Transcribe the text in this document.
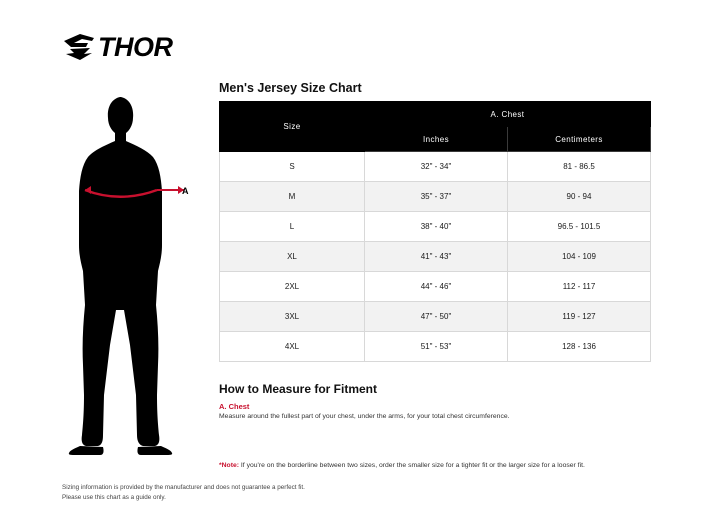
THOR
A
Men's Jersey Size Chart
Size	A. Chest	
	Inches	Centimeters
S	32" - 34"	81 - 86.5
M	35" - 37"	90 - 94
L	38" - 40"	96.5 - 101.5
XL	41" - 43"	104 - 109
2XL	44" - 46"	112 - 117
3XL	47" - 50"	119 - 127
4XL	51" - 53"	128 - 136
How to Measure for Fitment
A. Chest
Measure around the fullest part of your chest, under the arms, for your total chest circumference.
*Note: If you're on the borderline between two sizes, order the smaller size for a tighter fit or the larger size for a looser fit.
Sizing information is provided by the manufacturer and does not guarantee a perfect fit.
Please use this chart as a guide only.
